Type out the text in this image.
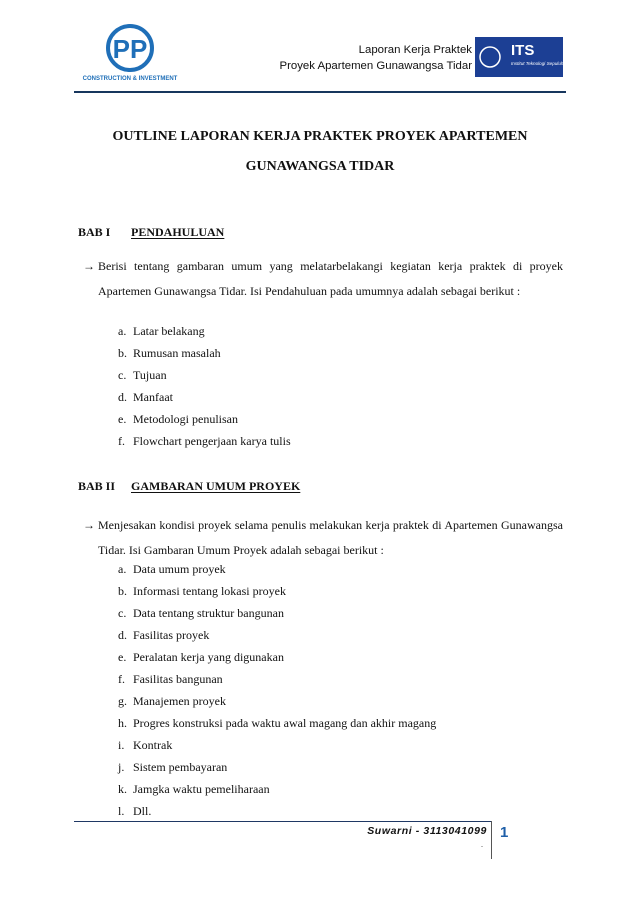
PP
CONSTRUCTION & INVESTMENT
Laporan Kerja Praktek
Proyek Apartemen Gunawangsa Tidar
ITS
Institut Teknologi Sepuluh Nopember
OUTLINE LAPORAN KERJA PRAKTEK PROYEK APARTEMEN
GUNAWANGSA TIDAR
BAB I PENDAHULUAN
→ Berisi tentang gambaran umum yang melatarbelakangi kegiatan kerja praktek di proyek Apartemen Gunawangsa Tidar. Isi Pendahuluan pada umumnya adalah sebagai berikut :
a. Latar belakang
b. Rumusan masalah
c. Tujuan
d. Manfaat
e. Metodologi penulisan
f. Flowchart pengerjaan karya tulis
BAB II GAMBARAN UMUM PROYEK
→ Menjesakan kondisi proyek selama penulis melakukan kerja praktek di Apartemen Gunawangsa Tidar. Isi Gambaran Umum Proyek adalah sebagai berikut :
a. Data umum proyek
b. Informasi tentang lokasi proyek
c. Data tentang struktur bangunan
d. Fasilitas proyek
e. Peralatan kerja yang digunakan
f. Fasilitas bangunan
g. Manajemen proyek
h. Progres konstruksi pada waktu awal magang dan akhir magang
i. Kontrak
j. Sistem pembayaran
k. Jamgka waktu pemeliharaan
l. Dll.
Suwarni - 3113041099
.
1
